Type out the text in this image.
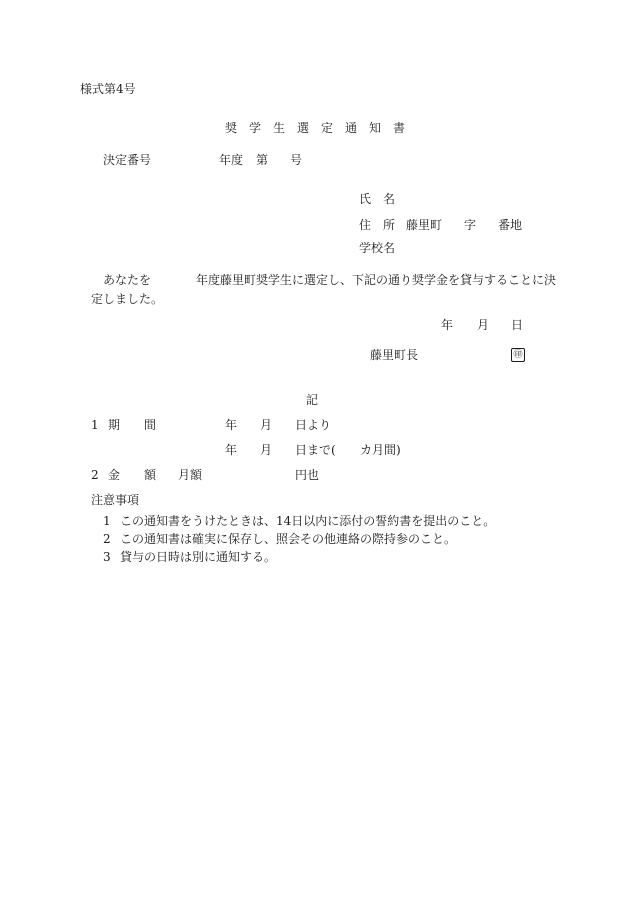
様式第4号
奨　学　生　選　定　通　知　書
決定番号	年度 第 号
氏　名
住　所 藤里町 字 番地
学校名
あなたを	年度藤里町奨学生に選定し、下記の通り奨学金を貸与することに決
定しました。
年 月 日
藤里町長	㊞
記
1 期　　間	年 月 日より
年 月 日まで( カ月間)
2 金　　額 月額	円也
注意事項
1 この通知書をうけたときは、14日以内に添付の誓約書を提出のこと。
2 この通知書は確実に保存し、照会その他連絡の際持参のこと。
3 貸与の日時は別に通知する。
